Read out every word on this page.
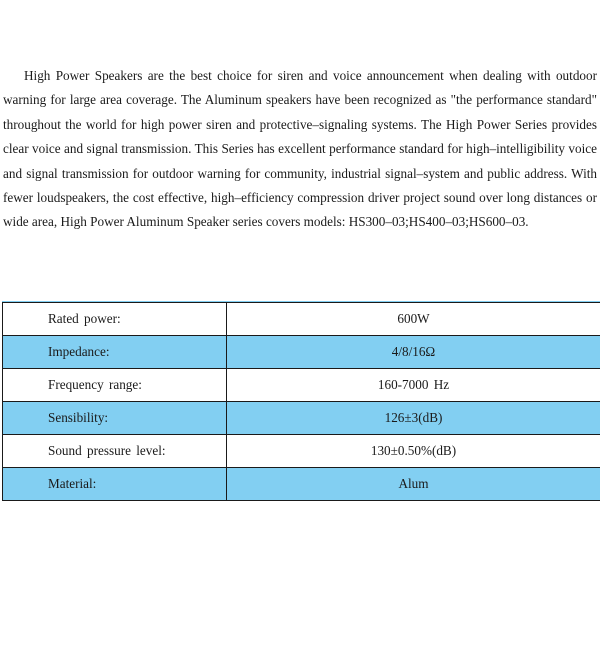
High Power Speakers are the best choice for siren and voice announcement when dealing with outdoor warning for large area coverage. The Aluminum speakers have been recognized as "the performance standard" throughout the world for high power siren and protective–signaling systems. The High Power Series provides clear voice and signal transmission. This Series has excellent performance standard for high–intelligibility voice and signal transmission for outdoor warning for community, industrial signal–system and public address. With fewer loudspeakers, the cost effective, high–efficiency compression driver project sound over long distances or wide area, High Power Aluminum Speaker series covers models: HS300–03;HS400–03;HS600–03.

Rated power:	600W
Impedance:	4/8/16Ω
Frequency range:	160-7000 Hz
Sensibility:	126±3(dB)
Sound pressure level:	130±0.50%(dB)
Material:	Alum
